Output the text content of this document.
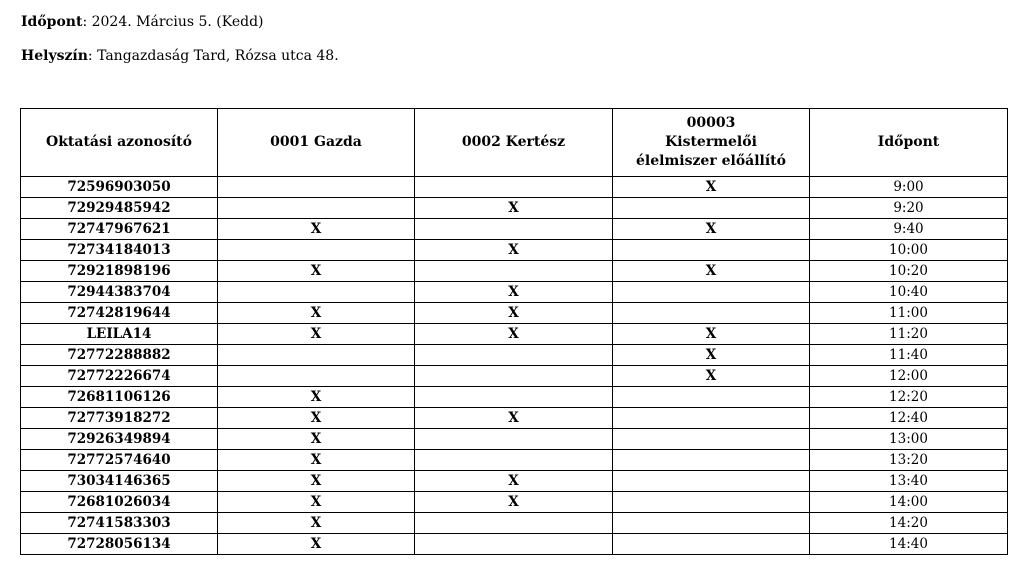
Időpont: 2024. Március 5. (Kedd)
Helyszín: Tangazdaság Tard, Rózsa utca 48.
Oktatási azonosító	0001 Gazda	0002 Kertész	00003
Kistermelői
élelmiszer előállító	Időpont
72596903050			X	9:00
72929485942		X		9:20
72747967621	X		X	9:40
72734184013		X		10:00
72921898196	X		X	10:20
72944383704		X		10:40
72742819644	X	X		11:00
LEILA14	X	X	X	11:20
72772288882			X	11:40
72772226674			X	12:00
72681106126	X			12:20
72773918272	X	X		12:40
72926349894	X			13:00
72772574640	X			13:20
73034146365	X	X		13:40
72681026034	X	X		14:00
72741583303	X			14:20
72728056134	X			14:40
